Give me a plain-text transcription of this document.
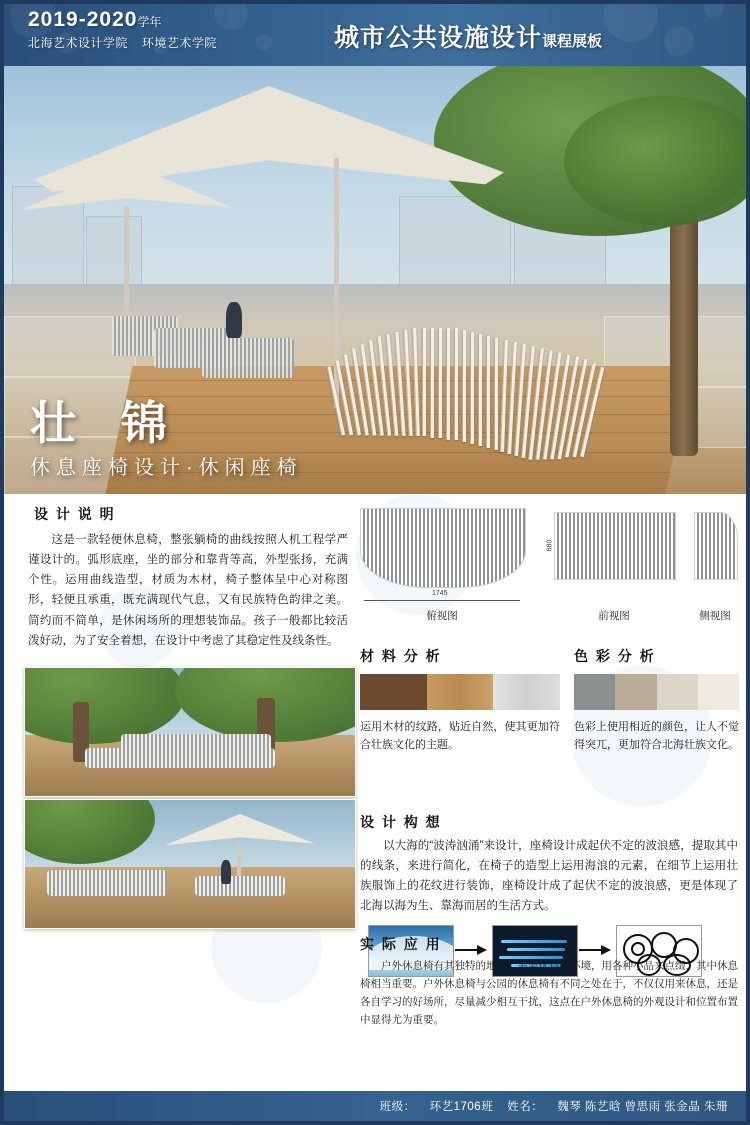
2019-2020学年
北海艺术设计学院 环境艺术学院	城市公共设施设计课程展板
壮 锦
休息座椅设计·休闲座椅
设 计 说 明
这是一款轻便休息椅，整张躺椅的曲线按照人机工程学严谨设计的。弧形底座，坐的部分和靠背等高，外型张扬，充满个性。运用曲线造型，材质为木材，椅子整体呈中心对称图形，轻便且承重，既充满现代气息，又有民族特色韵律之美。简约而不简单，是休闲场所的理想装饰品。孩子一般都比较活泼好动，为了安全着想，在设计中考虑了其稳定性及线条性。
1745
俯视图
680
前视图	侧视图
材 料 分 析
运用木材的纹路，贴近自然，使其更加符合壮族文化的主题。
色 彩 分 析
色彩上使用相近的颜色，让人不觉得突兀，更加符合北海壮族文化。
设 计 构 想
以大海的“波涛汹涌”来设计，座椅设计成起伏不定的波浪感，提取其中的线条，来进行简化，在椅子的造型上运用海浪的元素，在细节上运用壮族服饰上的花纹进行装饰，座椅设计成了起伏不定的波浪感，更是体现了北海以海为生、靠海而居的生活方式。
实 际 应 用
户外休息椅有其独特的地方。需要优良的环境，用各种小品来点缀，其中休息椅相当重要。户外休息椅与公园的休息椅有不同之处在于，不仅仅用来休息，还是各自学习的好场所，尽量减少相互干扰，这点在户外休息椅的外观设计和位置布置中显得尤为重要。
班级： 环艺1706班 姓名： 魏琴 陈艺晗 曾思雨 张金晶 朱珊
